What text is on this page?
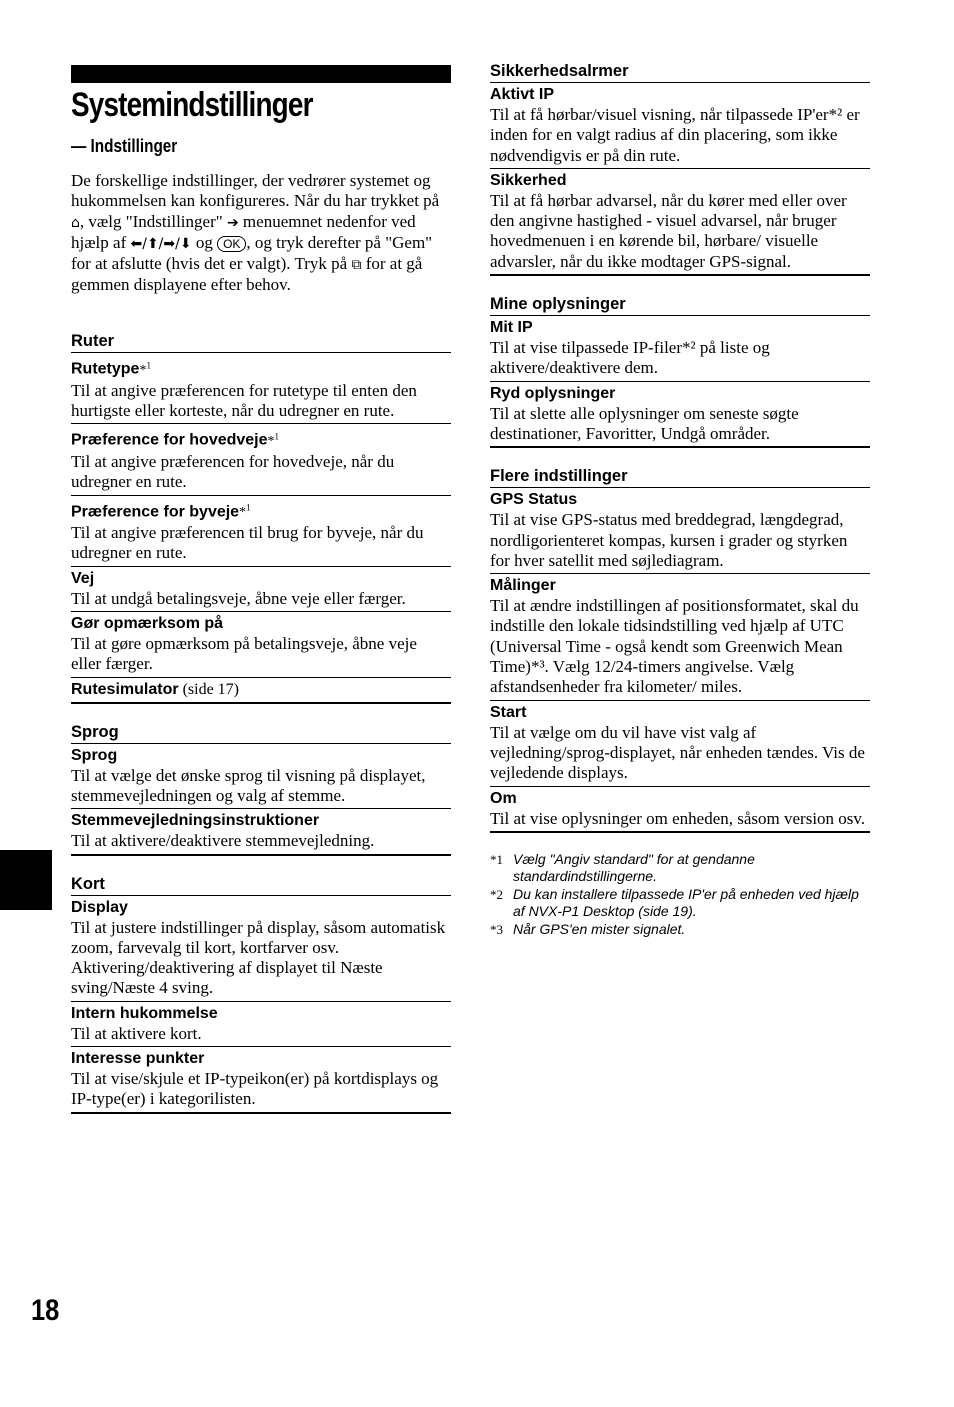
Systemindstillinger
— Indstillinger

De forskellige indstillinger, der vedrører systemet og hukommelsen kan konfigureres. Når du har trykket på ⌂, vælg "Indstillinger" ➔ menuemnet nedenfor ved hjælp af ⬅/⬆/➡/⬇ og OK , og tryk derefter på "Gem" for at afslutte (hvis det er valgt). Tryk på ⧉ for at gå gemmen displayene efter behov.

Ruter
Rutetype*$^1$
Til at angive præferencen for rutetype til enten den hurtigste eller korteste, når du udregner en rute.
Præference for hovedveje*$^1$
Til at angive præferencen for hovedveje, når du udregner en rute.
Præference for byveje*$^1$
Til at angive præferencen til brug for byveje, når du udregner en rute.
Vej
Til at undgå betalingsveje, åbne veje eller færger.
Gør opmærksom på
Til at gøre opmærksom på betalingsveje, åbne veje eller færger.
Rutesimulator (side 17)
Sprog
Sprog
Til at vælge det ønske sprog til visning på displayet, stemmevejledningen og valg af stemme.
Stemmevejledningsinstruktioner
Til at aktivere/deaktivere stemmevejledning.
Kort
Display
Til at justere indstillinger på display, såsom automatisk zoom, farvevalg til kort, kortfarver osv. Aktivering/deaktivering af displayet til Næste sving/Næste 4 sving.
Intern hukommelse
Til at aktivere kort.
Interesse punkter
Til at vise/skjule et IP-typeikon(er) på kortdisplays og IP-type(er) i kategorilisten.
Sikkerhedsalrmer
Aktivt IP
Til at få hørbar/visuel visning, når tilpassede IP'er*² er inden for en valgt radius af din placering, som ikke nødvendigvis er på din rute.
Sikkerhed
Til at få hørbar advarsel, når du kører med eller over den angivne hastighed - visuel advarsel, når bruger hovedmenuen i en kørende bil, hørbare/ visuelle advarsler, når du ikke modtager GPS-signal.
Mine oplysninger
Mit IP
Til at vise tilpassede IP-filer*² på liste og aktivere/deaktivere dem.
Ryd oplysninger
Til at slette alle oplysninger om seneste søgte destinationer, Favoritter, Undgå områder.
Flere indstillinger
GPS Status
Til at vise GPS-status med breddegrad, længdegrad, nordligorienteret kompas, kursen i grader og styrken for hver satellit med søjlediagram.
Målinger
Til at ændre indstillingen af positionsformatet, skal du indstille den lokale tidsindstilling ved hjælp af UTC (Universal Time - også kendt som Greenwich Mean Time)*³. Vælg 12/24-timers angivelse. Vælg afstandsenheder fra kilometer/ miles.
Start
Til at vælge om du vil have vist valg af vejledning/sprog-displayet, når enheden tændes. Vis de vejledende displays.
Om
Til at vise oplysninger om enheden, såsom version osv.
*1 Vælg "Angiv standard" for at gendanne standardindstillingerne.
*2 Du kan installere tilpassede IP'er på enheden ved hjælp af NVX-P1 Desktop (side 19).
*3 Når GPS'en mister signalet.
18
